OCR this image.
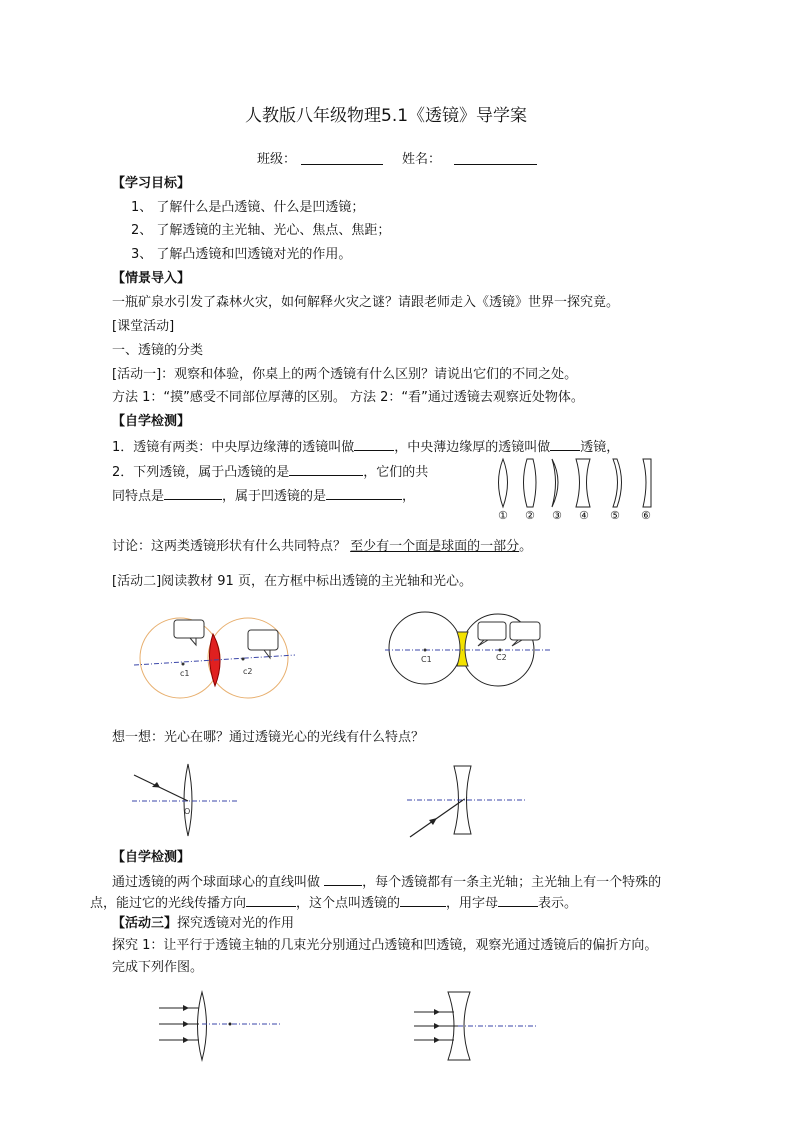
人教版八年级物理5.1《透镜》导学案
班级：	姓名：
【学习目标】
1、 了解什么是凸透镜、什么是凹透镜；
2、 了解透镜的主光轴、光心、焦点、焦距；
3、 了解凸透镜和凹透镜对光的作用。
【情景导入】
一瓶矿泉水引发了森林火灾，如何解释火灾之谜？请跟老师走入《透镜》世界一探究竟。
[课堂活动]
一、透镜的分类
[活动一]：观察和体验，你桌上的两个透镜有什么区别？请说出它们的不同之处。
方法 1：“摸”感受不同部位厚薄的区别。 方法 2：“看”通过透镜去观察近处物体。
【自学检测】
1．透镜有两类：中央厚边缘薄的透镜叫做	，中央薄边缘厚的透镜叫做 透镜，
2．下列透镜，属于凸透镜的是	，它们的共
同特点是	，属于凹透镜的是	，
① ② ③ ④ ⑤ ⑥
讨论：这两类透镜形状有什么共同特点？ 至少有一个面是球面的一部分。
[活动二]阅读教材 91 页，在方框中标出透镜的主光轴和光心。
c1	c2
C1	C2
想一想：光心在哪？通过透镜光心的光线有什么特点？
O
【自学检测】
通过透镜的两个球面球心的直线叫做	，每个透镜都有一条主光轴；主光轴上有一个特殊的
点，能过它的光线传播方向	，这个点叫透镜的	，用字母	表示。
【活动三】探究透镜对光的作用
探究 1：让平行于透镜主轴的几束光分别通过凸透镜和凹透镜，观察光通过透镜后的偏折方向。
完成下列作图。
